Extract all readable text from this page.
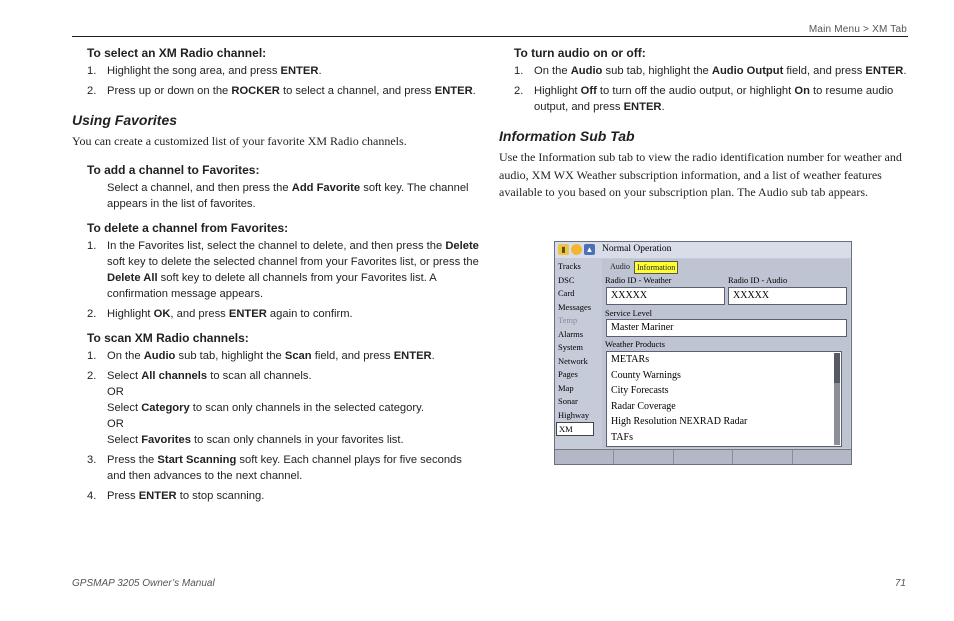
Main Menu > XM Tab
To select an XM Radio channel:
1. Highlight the song area, and press ENTER.
2. Press up or down on the ROCKER to select a channel, and press ENTER.
Using Favorites
You can create a customized list of your favorite XM Radio channels.
To add a channel to Favorites:
Select a channel, and then press the Add Favorite soft key. The channel appears in the list of favorites.
To delete a channel from Favorites:
1. In the Favorites list, select the channel to delete, and then press the Delete soft key to delete the selected channel from your Favorites list, or press the Delete All soft key to delete all channels from your Favorites list. A confirmation message appears.
2. Highlight OK, and press ENTER again to confirm.
To scan XM Radio channels:
1. On the Audio sub tab, highlight the Scan field, and press ENTER.
2. Select All channels to scan all channels.
OR
Select Category to scan only channels in the selected category.
OR
Select Favorites to scan only channels in your favorites list.
3. Press the Start Scanning soft key. Each channel plays for five seconds and then advances to the next channel.
4. Press ENTER to stop scanning.
To turn audio on or off:
1. On the Audio sub tab, highlight the Audio Output field, and press ENTER.
2. Highlight Off to turn off the audio output, or highlight On to resume audio output, and press ENTER.
Information Sub Tab
Use the Information sub tab to view the radio identification number for weather and audio, XM WX Weather subscription information, and a list of weather features available to you based on your subscription plan. The Audio sub tab appears.
▮	▲ Normal Operation
Tracks
DSC
Card
Messages
Temp
Alarms
System
Network
Pages
Map
Sonar
Highway
XM
Audio Information
Radio ID - Weather	Radio ID - Audio
XXXXX	XXXXX
Service Level
Master Mariner
Weather Products
METARs
County Warnings
City Forecasts
Radar Coverage
High Resolution NEXRAD Radar
TAFs
GPSMAP 3205 Owner’s Manual	71
